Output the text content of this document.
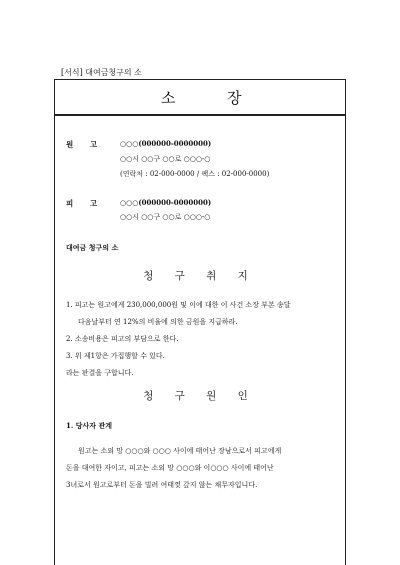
[서식] 대여금청구의 소
소	장
원 고	○○○(000000-0000000)
○○시 ○○구 ○○로 ○○○-○
(연락처 : 02-000-0000 / 팩스 : 02-000-0000)
피 고	○○○(000000-0000000)
○○시 ○○구 ○○로 ○○○-○
대여금 청구의 소
청 구 취 지
1. 피고는 원고에게 230,000,000원 및 이에 대한 이 사건 소장 부본 송달
다음날부터 연 12%의 비율에 의한 금원을 지급하라.
2. 소송비용은 피고의 부담으로 한다.
3. 위 제1항은 가집행할 수 있다.
라는 판결을 구합니다.
청 구 원 인
1. 당사자 관계
원고는 소외 망 ○○○와 ○○○ 사이에 태어난 장남으로서 피고에게
돈을 대여한 자이고, 피고는 소외 망 ○○○와 이○○○ 사이에 태어난
3녀로서 원고로부터 돈을 빌려 여태껏 갚지 않는 채무자입니다.
